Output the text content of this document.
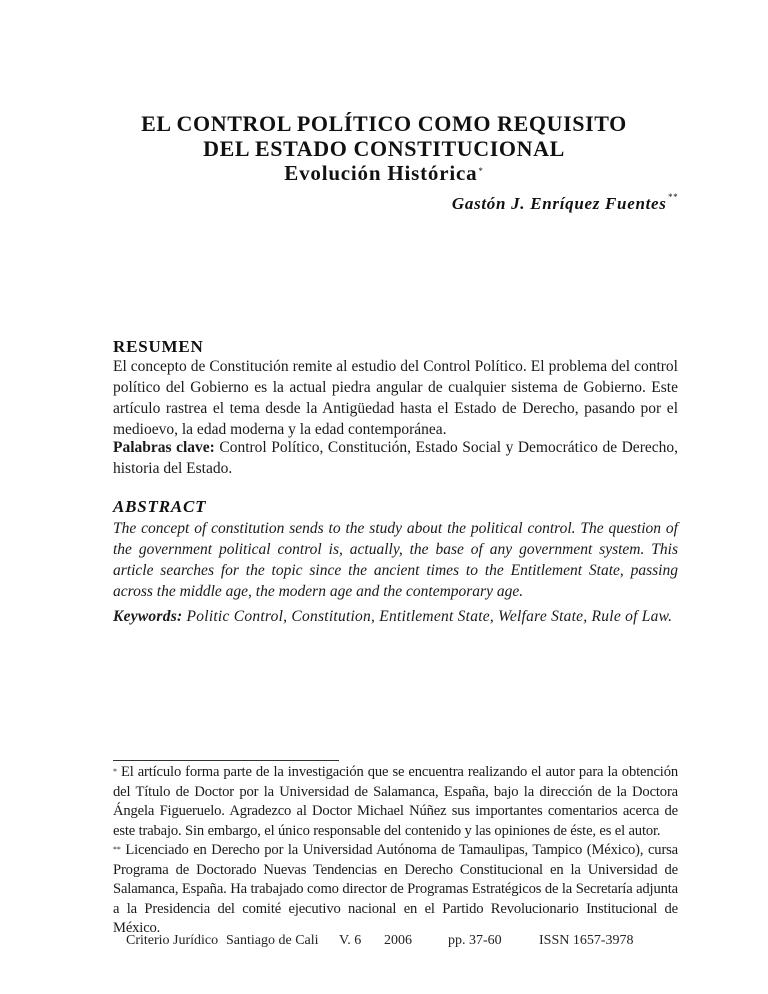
EL CONTROL POLÍTICO COMO REQUISITO
DEL ESTADO CONSTITUCIONAL
Evolución Histórica*
Gastón J. Enríquez Fuentes**
RESUMEN
El concepto de Constitución remite al estudio del Control Político. El problema del control político del Gobierno es la actual piedra angular de cualquier sistema de Gobierno. Este artículo rastrea el tema desde la Antigüedad hasta el Estado de Derecho, pasando por el medioevo, la edad moderna y la edad contemporánea.
Palabras clave: Control Político, Constitución, Estado Social y Democrático de Derecho, historia del Estado.
ABSTRACT
The concept of constitution sends to the study about the political control. The question of the government political control is, actually, the base of any government system. This article searches for the topic since the ancient times to the Entitlement State, passing across the middle age, the modern age and the contemporary age.
Keywords: Politic Control, Constitution, Entitlement State, Welfare State, Rule of Law.

* El artículo forma parte de la investigación que se encuentra realizando el autor para la obtención del Título de Doctor por la Universidad de Salamanca, España, bajo la dirección de la Doctora Ángela Figueruelo. Agradezco al Doctor Michael Núñez sus importantes comentarios acerca de este trabajo. Sin embargo, el único responsable del contenido y las opiniones de éste, es el autor.

** Licenciado en Derecho por la Universidad Autónoma de Tamaulipas, Tampico (México), cursa Programa de Doctorado Nuevas Tendencias en Derecho Constitucional en la Universidad de Salamanca, España. Ha trabajado como director de Programas Estratégicos de la Secretaría adjunta a la Presidencia del comité ejecutivo nacional en el Partido Revolucionario Institucional de México.

Criterio Jurídico Santiago de Cali V. 6 2006	pp. 37-60	ISSN 1657-3978
